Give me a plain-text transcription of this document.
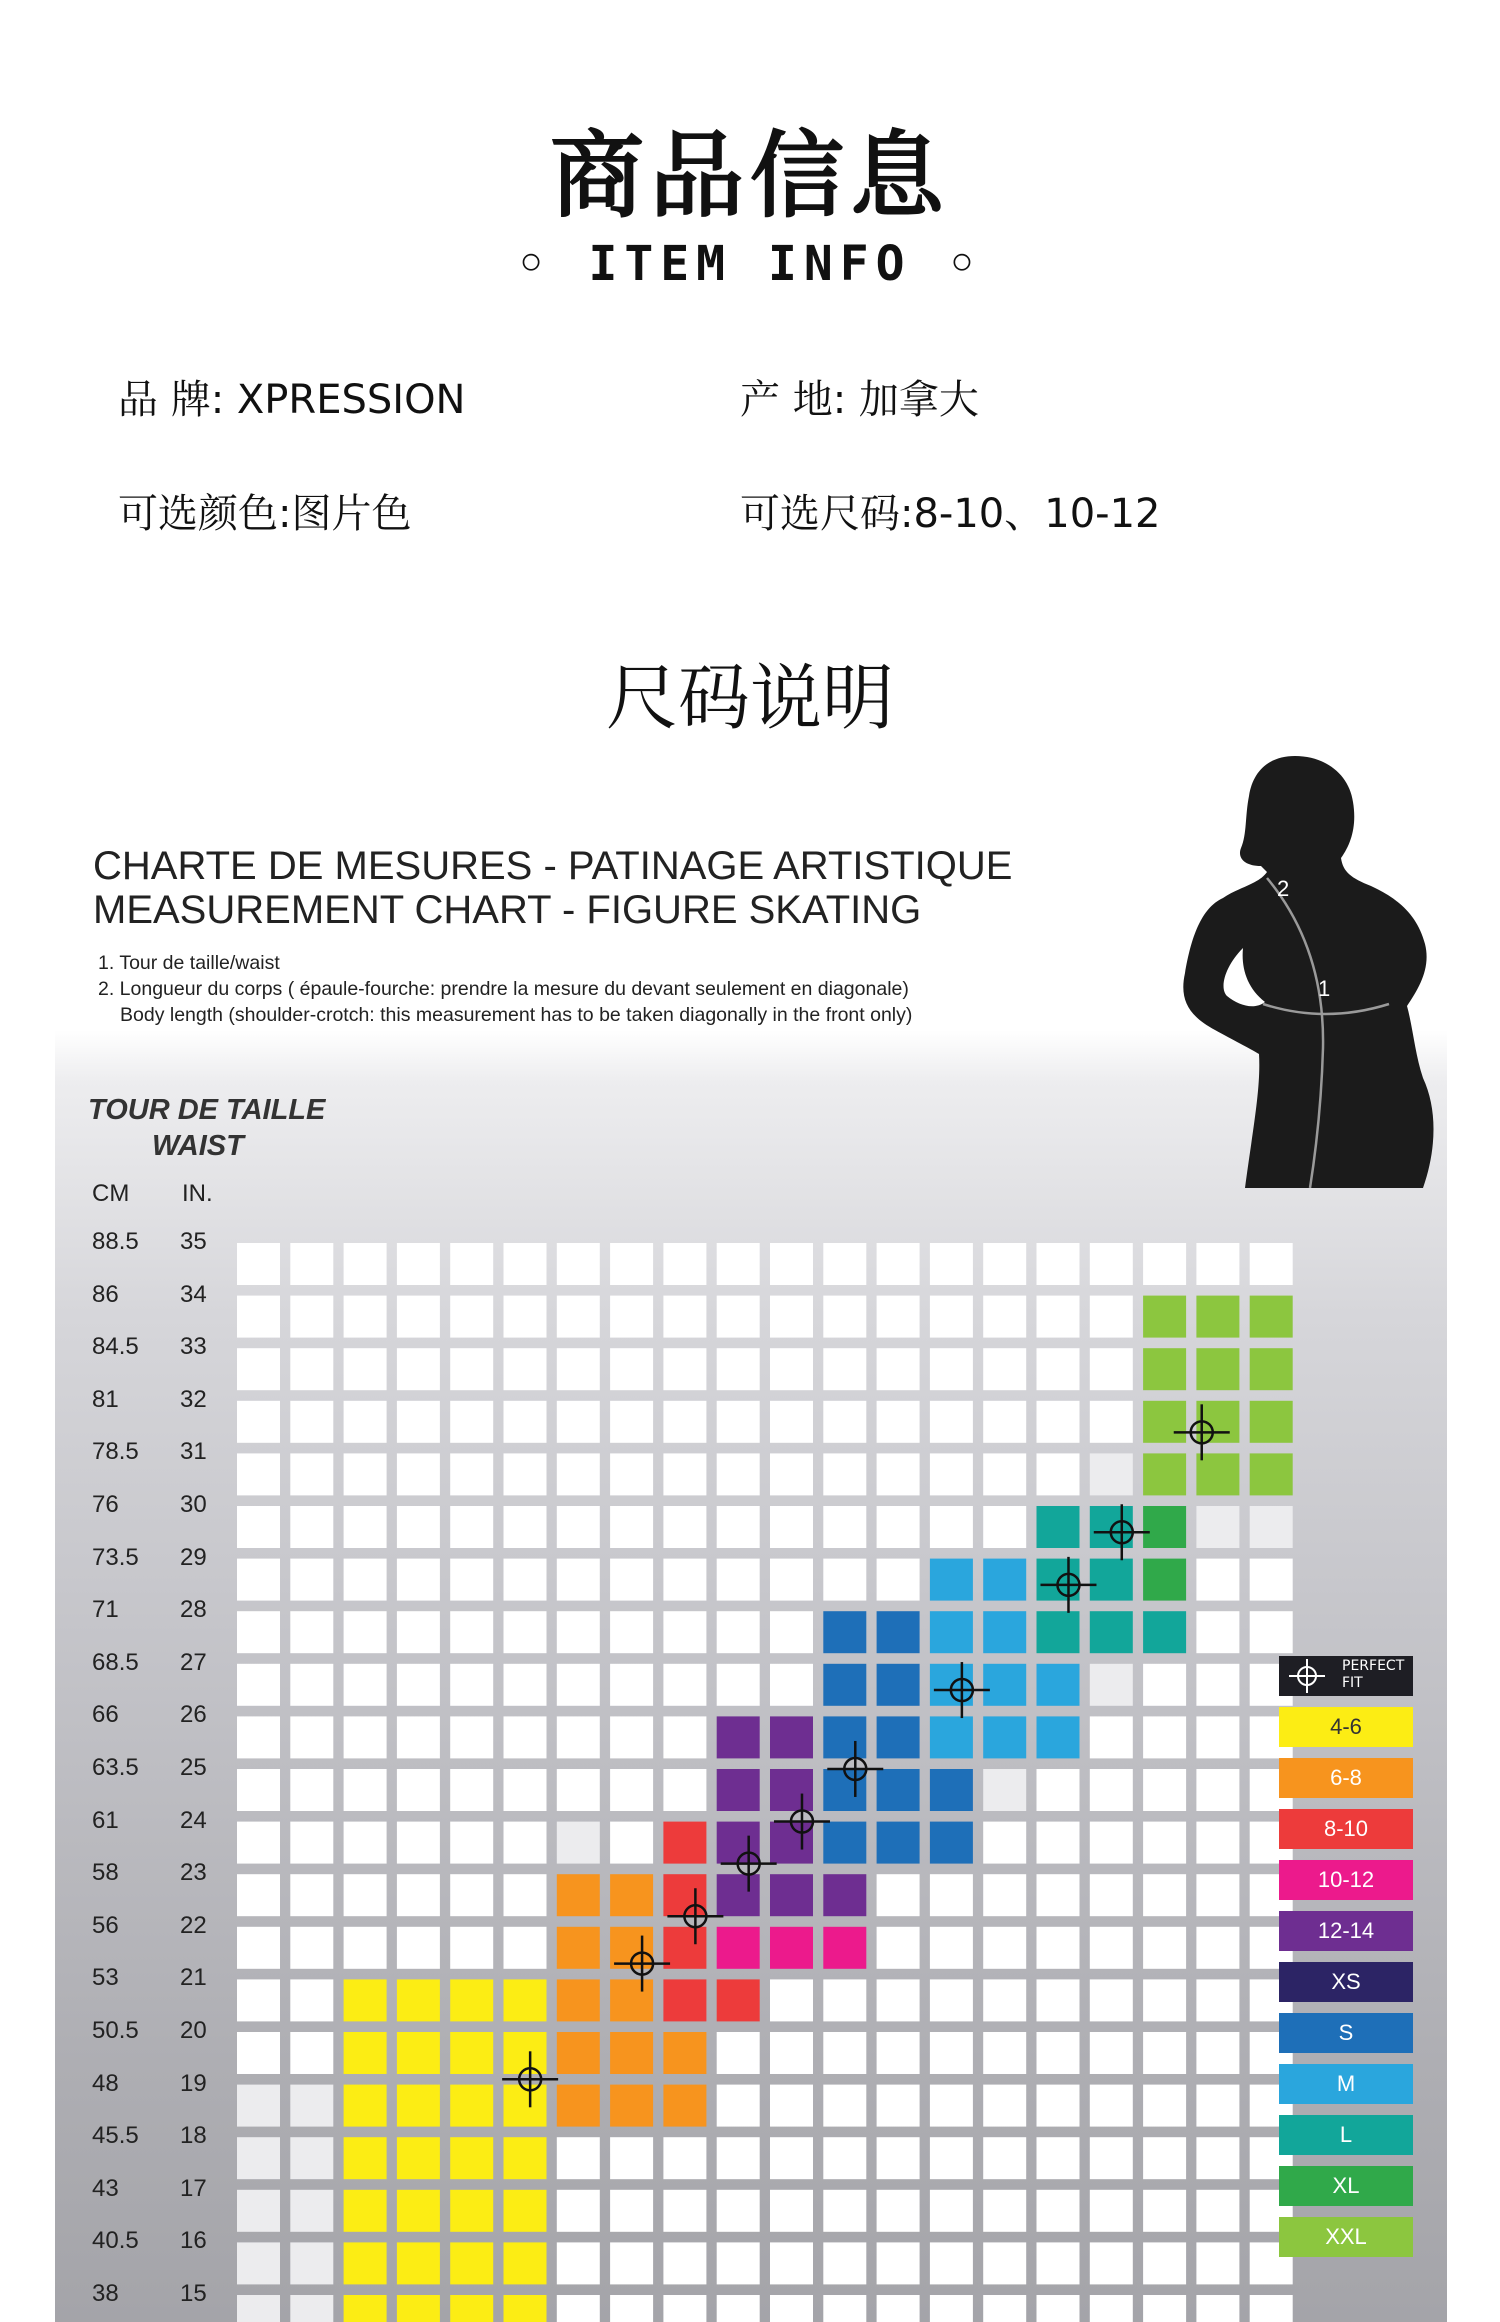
商品信息
◦ ITEM INFO ◦
品 牌: XPRESSION	产 地: 加拿大
可选颜色:图片色	可选尺码:8-10、10-12
尺码说明
2
1
CHARTE DE MESURES - PATINAGE ARTISTIQUE
MEASUREMENT CHART - FIGURE SKATING
1. Tour de taille/waist
2. Longueur du corps ( épaule-fourche: prendre la mesure du devant seulement en diagonale)
Body length (shoulder-crotch: this measurement has to be taken diagonally in the front only)
TOUR DE TAILLE
WAIST
CM IN.
88.5 35
86	34
84.5 33
81	32
78.5 31
76	30
73.5 29
71	28
68.5 27
66	26
63.5 25
61	24
58	23
56	22
53	21
50.5 20
48	19
45.5 18
43	17
40.5 16
38	15
PERFECT FIT
4-6
6-8
8-10
10-12
12-14
XS
S
M
L
XL
XXL
